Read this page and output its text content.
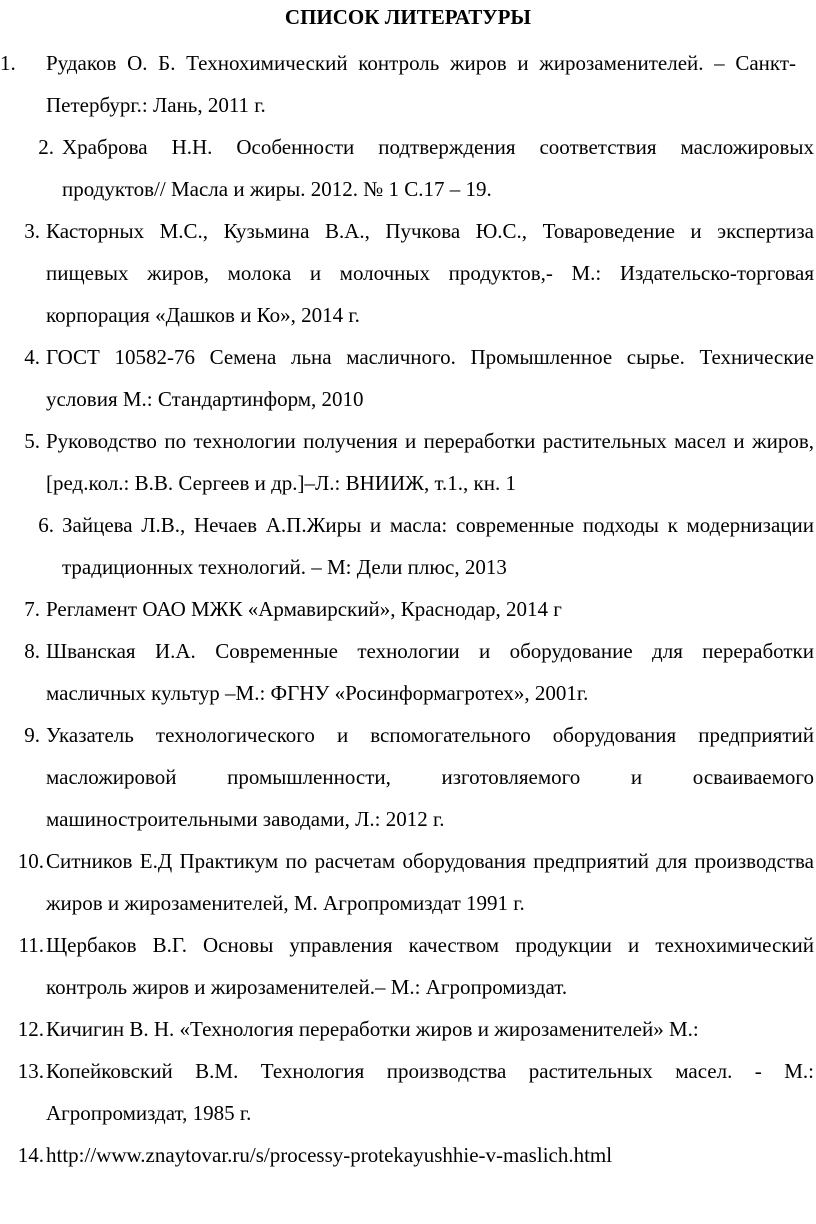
СПИСОК ЛИТЕРАТУРЫ
1.	Рудаков О. Б. Технохимический контроль жиров и жирозаменителей. – Санкт-Петербург.: Лань, 2011 г.
2. Храброва Н.Н. Особенности подтверждения соответствия масложировых продуктов// Масла и жиры. 2012. № 1 С.17 – 19.
3. Касторных М.С., Кузьмина В.А., Пучкова Ю.С., Товароведение и экспертиза пищевых жиров, молока и молочных продуктов,- М.: Издательско-торговая корпорация «Дашков и Ко», 2014 г.
4. ГОСТ 10582-76 Семена льна масличного. Промышленное сырье. Технические условия М.: Стандартинформ, 2010
5. Руководство по технологии получения и переработки растительных масел и жиров, [ред.кол.: В.В. Сергеев и др.]–Л.: ВНИИЖ, т.1., кн. 1
6. Зайцева Л.В., Нечаев А.П.Жиры и масла: современные подходы к модернизации традиционных технологий. – М: Дели плюс, 2013
7. Регламент ОАО МЖК «Армавирский», Краснодар, 2014 г
8. Шванская И.А. Современные технологии и оборудование для переработки масличных культур –М.: ФГНУ «Росинформагротех», 2001г.
9. Указатель технологического и вспомогательного оборудования предприятий масложировой промышленности, изготовляемого и осваиваемого машиностроительными заводами, Л.: 2012 г.
10. Ситников Е.Д Практикум по расчетам оборудования предприятий для производства жиров и жирозаменителей, М. Агропромиздат 1991 г.
11. Щербаков В.Г. Основы управления качеством продукции и технохимический контроль жиров и жирозаменителей.– М.: Агропромиздат.
12. Кичигин В. Н. «Технология переработки жиров и жирозаменителей» М.:
13. Копейковский В.М. Технология производства растительных масел. - М.: Агропромиздат, 1985 г.
14. http://www.znaytovar.ru/s/processy-protekayushhie-v-maslich.html
